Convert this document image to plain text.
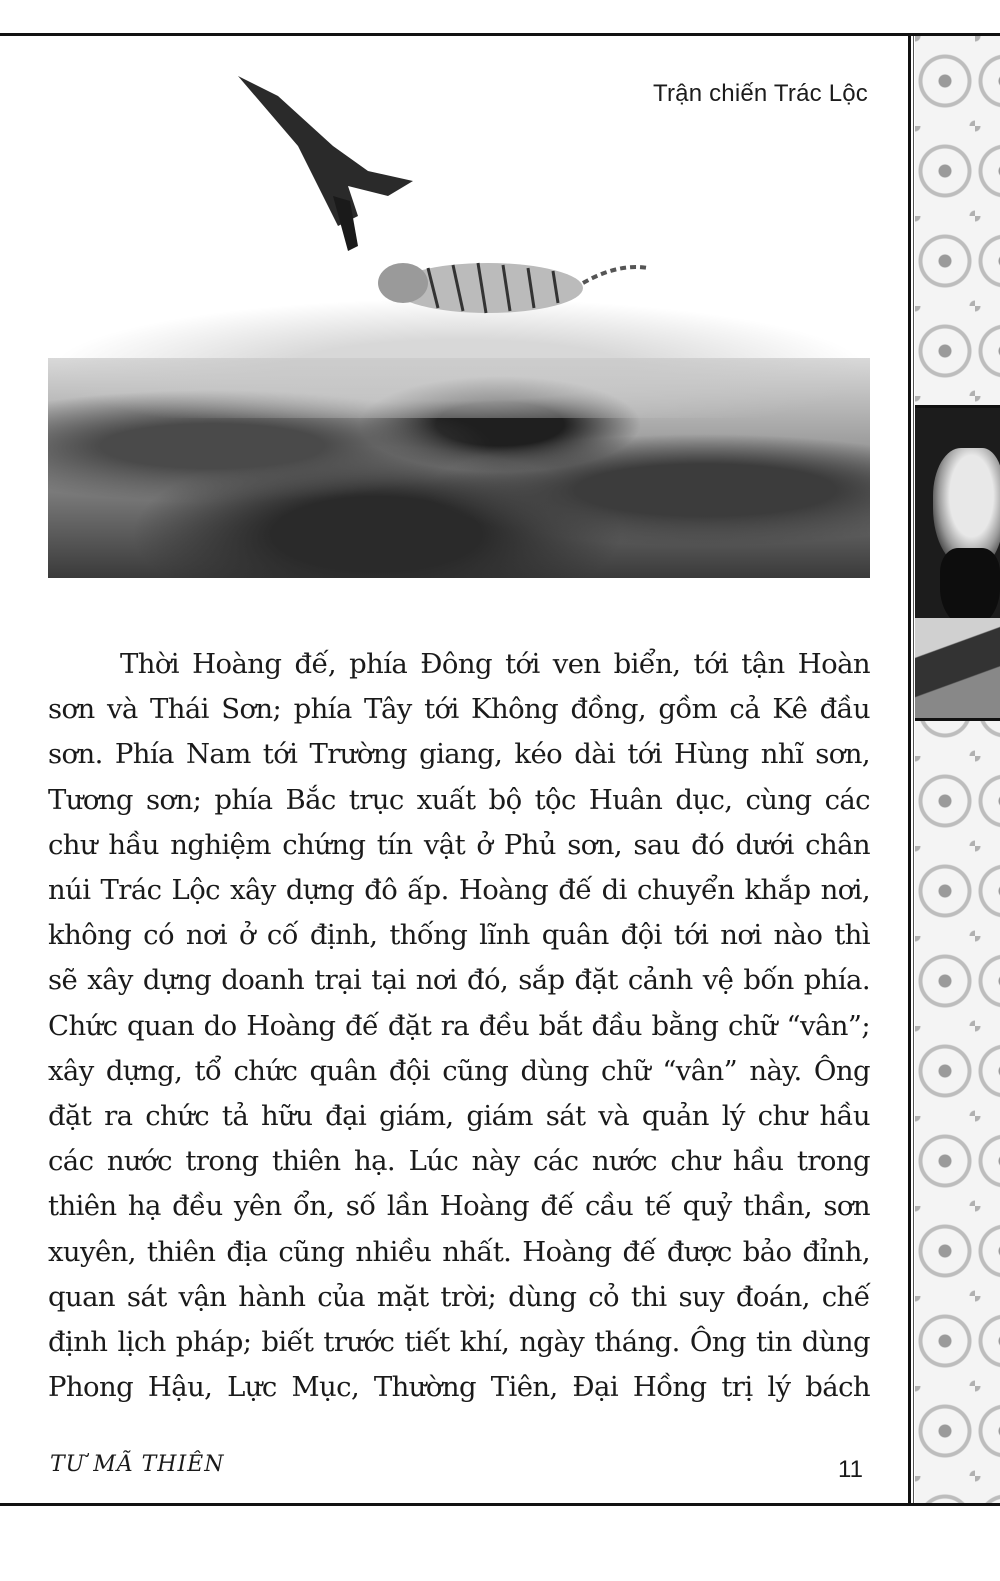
Trận chiến Trác Lộc
Thời Hoàng đế, phía Đông tới ven biển, tới tận Hoàn
sơn và Thái Sơn; phía Tây tới Không đồng, gồm cả Kê đầu
sơn. Phía Nam tới Trường giang, kéo dài tới Hùng nhĩ sơn,
Tương sơn; phía Bắc trục xuất bộ tộc Huân dục, cùng các
chư hầu nghiệm chứng tín vật ở Phủ sơn, sau đó dưới chân
núi Trác Lộc xây dựng đô ấp. Hoàng đế di chuyển khắp nơi,
không có nơi ở cố định, thống lĩnh quân đội tới nơi nào thì
sẽ xây dựng doanh trại tại nơi đó, sắp đặt cảnh vệ bốn phía.
Chức quan do Hoàng đế đặt ra đều bắt đầu bằng chữ “vân”;
xây dựng, tổ chức quân đội cũng dùng chữ “vân” này. Ông
đặt ra chức tả hữu đại giám, giám sát và quản lý chư hầu
các nước trong thiên hạ. Lúc này các nước chư hầu trong
thiên hạ đều yên ổn, số lần Hoàng đế cầu tế quỷ thần, sơn
xuyên, thiên địa cũng nhiều nhất. Hoàng đế được bảo đỉnh,
quan sát vận hành của mặt trời; dùng cỏ thi suy đoán, chế
định lịch pháp; biết trước tiết khí, ngày tháng. Ông tin dùng
Phong Hậu, Lực Mục, Thường Tiên, Đại Hồng trị lý bách
TƯ MÃ THIÊN	11
